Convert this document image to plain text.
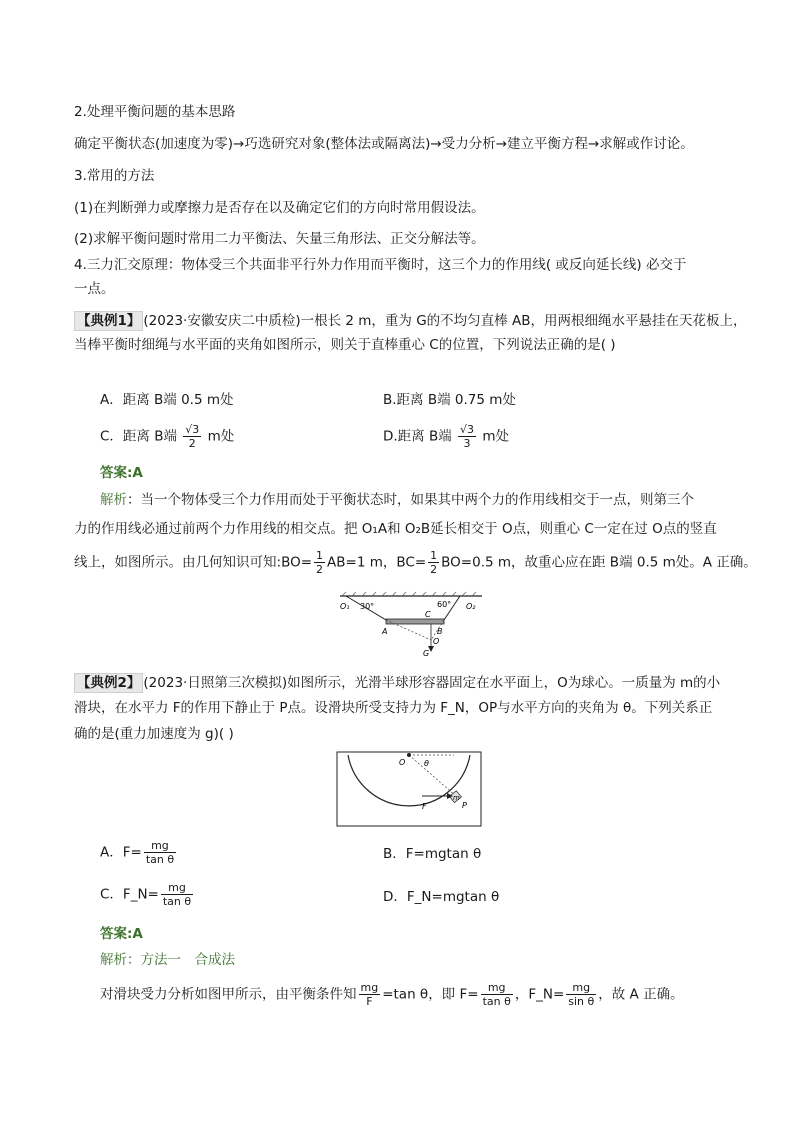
2.处理平衡问题的基本思路
确定平衡状态(加速度为零)→巧选研究对象(整体法或隔离法)→受力分析→建立平衡方程→求解或作讨论。
3.常用的方法
(1)在判断弹力或摩擦力是否存在以及确定它们的方向时常用假设法。
(2)求解平衡问题时常用二力平衡法、矢量三角形法、正交分解法等。
4.三力汇交原理：物体受三个共面非平行外力作用而平衡时，这三个力的作用线( 或反向延长线) 必交于
一点。
【典例1】 (2023·安徽安庆二中质检)一根长 2 m，重为 G的不均匀直棒 AB，用两根细绳水平悬挂在天花板上，
当棒平衡时细绳与水平面的夹角如图所示，则关于直棒重心 C的位置，下列说法正确的是( )
A．距离 B端 0.5 m处	B.距离 B端 0.75 m处
C．距离 B端 $\frac{√3}{2}$ m处	D.距离 B端 $\frac{√3}{3}$ m处
答案:A
解析：当一个物体受三个力作用而处于平衡状态时，如果其中两个力的作用线相交于一点，则第三个
力的作用线必通过前两个力作用线的相交点。把 O₁A和 O₂B延长相交于 O点，则重心 C一定在过 O点的竖直
线上，如图所示。由几何知识可知:BO= $\frac{1}{2} AB=1$ m，$BC= \frac{1}{2} BO=0.5$ m，故重心应在距 B端 0.5 m处。A 正确。
30°	60°
O₁	O₂
A	B
C
O
G
【典例2】 (2023·日照第三次模拟)如图所示，光滑半球形容器固定在水平面上，O为球心。一质量为 m的小
滑块，在水平力 F的作用下静止于 P点。设滑块所受支持力为 F_N，OP与水平方向的夹角为 θ。下列关系正
确的是(重力加速度为 g)( )
O θ
F
m
P
A．$F= \frac{mg}{\text{tan θ}}$	B．F=mgtan θ
C．F_N= $\frac{mg}{\text{tan θ}}$	D．F_N=mgtan θ
答案:A
解析：方法一　合成法
对滑块受力分析如图甲所示，由平衡条件知 $\frac{mg}{F} =\tan$ θ，即 $F= \frac{mg}{\text{tan θ}}$ ，F_N= $\frac{mg}{\text{sin θ}}$ ，故 A 正确。
